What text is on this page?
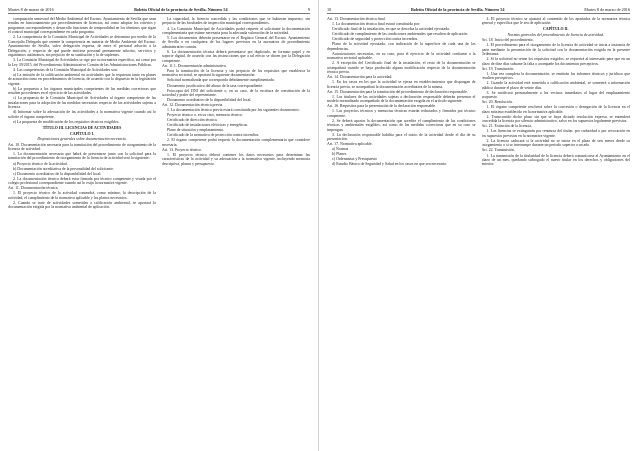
Martes 8 de marzo de 2016	Boletín Oficial de la provincia de Sevilla. Número 54	9

computación semestral del Medio Ambiental del Excmo. Ayuntamiento de Sevilla que sean tenidas en funcionamiento por procedimientos de licencias, así como adoptar los criterios y programas correspondientes y desarrollo funciones de temporalidad en los términos que sigan el control municipal correspondiente en cada programa.

2. La competencia de la Comisión Municipal de Actividades se determina por medio de la Concejalía Delegada que ostente la competencia en materia de Medio Ambiente del Excmo. Ayuntamiento de Sevilla, salvo delegación expresa, de entre el personal adscrito a la Delegación, y respecto de qué puede emitirse personal permanente adscrito, servicios y organismos autónomos, sin perjuicio de su sustitución y la de suplentes.

3. La Comisión Municipal de Actividades se rige por su normativa específica, así como por la Ley 39/2015, del Procedimiento Administrativo Común de las Administraciones Públicas.

4. Las competencias de la Comisión Municipal de Actividades son:

a) La emisión de la calificación ambiental en actividades que lo requieran tanto en planes de actuación como en procedimientos de licencia, de acuerdo con lo dispuesto en la legislación vigente.

b) La propuesta a los órganos municipales competentes de las medidas correctoras que resulten procedentes en el ejercicio de las actividades.

c) La propuesta de la Comisión Municipal de Actividades al órgano competente de las instalaciones para la adopción de las medidas necesarias respecto de las actividades sujetas a licencia.

d) Informar sobre la adecuación de las actividades a la normativa vigente cuando así lo solicite el órgano competente.

e) La propuesta de modificación de los requisitos técnicos exigibles.

TÍTULO III. LICENCIAS DE ACTIVIDADES

CAPÍTULO I.

Disposiciones generales sobre documentación necesaria.

Art. 10. Documentación necesaria para la tramitación del procedimiento de otorgamiento de la licencia de actividad.

1. La documentación necesaria que habrá de presentarse junto con la solicitud para la tramitación del procedimiento de otorgamiento de la licencia de actividad será la siguiente:

a) Proyecto técnico de la actividad.

b) Documentación acreditativa de la personalidad del solicitante.

c) Documento acreditativo de la disponibilidad del local.

2. La documentación técnica deberá estar firmada por técnico competente y visada por el colegio profesional correspondiente cuando así lo exija la normativa vigente.

Art. 11. Documentación técnica.

1. El proyecto técnico de la actividad contendrá, como mínimo, la descripción de la actividad, el cumplimiento de la normativa aplicable y los planos necesarios.

2. Cuando se trate de actividades sometidas a calificación ambiental, se aportará la documentación exigida por la normativa ambiental de aplicación.

La capacidad, la licencia concedida y las condiciones que se hubieran impuesto, sin perjuicio de las facultades de inspección municipal correspondientes.

4. La Comisión Municipal de Actividades podrá requerir al solicitante la documentación complementaria que estime necesaria para la adecuada valoración de la actividad.

5. Los documentos deberán presentarse en el Registro General del Excmo. Ayuntamiento de Sevilla o en cualquiera de los lugares previstos en la normativa de procedimiento administrativo común.

6. La documentación técnica deberá presentarse por duplicado, en formato papel y en soporte digital, de acuerdo con las instrucciones que a tal efecto se dicten por la Delegación competente.

Art. 11.1. Documentación administrativa.

Para la tramitación de la licencia y sin perjuicio de los requisitos que establezca la normativa sectorial, se aportará la siguiente documentación:

Solicitud normalizada que corresponda debidamente cumplimentada.

Documento justificativo del abono de la tasa correspondiente.

Fotocopia del DNI del solicitante o, en su caso, de la escritura de constitución de la sociedad y poder del representante.

Documento acreditativo de la disponibilidad del local.

Art. 12. Documentación técnica previa.

1. La documentación técnica previa estará constituida por los siguientes documentos:

Proyecto técnico o, en su caso, memoria técnica.

Certificado de dirección técnica.

Certificado de instalaciones eléctricas y energéticas.

Plano de situación y emplazamiento.

Certificado de la normativa de protección contra incendios.

2. El órgano competente podrá requerir la documentación complementaria que considere necesaria.

Art. 13. Proyecto técnico.

1. El proyecto técnico deberá contener los datos necesarios para determinar las características de la actividad y su adecuación a la normativa vigente, incluyendo memoria descriptiva, planos y presupuesto.

10	Boletín Oficial de la provincia de Sevilla. Número 54	Martes 8 de marzo de 2016

Art. 13. Documentación técnica final.

1. La documentación técnica final estará constituida por:

Certificado final de la instalación, en que se describa la actividad ejecutada.

Certificado de cumplimiento de las condiciones ambientales que resulten de aplicación.

Certificado de seguridad y protección contra incendios.

Plano de la actividad ejecutada, con indicación de la superficie de cada una de las dependencias.

Autorizaciones necesarias, en su caso, para el ejercicio de la actividad conforme a la normativa sectorial aplicable.

2. A excepción del Certificado final de la instalación, el resto de la documentación se acompañará cuando se haya producido alguna modificación respecto de la documentación técnica previa.

Art. 14. Documentación para la actividad.

1. En los casos en los que la actividad se ejerza en establecimientos que dispongan de licencia previa, se acompañará la documentación acreditativa de la misma.

Art. 15. Documentación para la tramitación del procedimiento de declaración responsable.

1. Los titulares de las actividades sujetas a declaración responsable deberán presentar el modelo normalizado acompañado de la documentación exigida en el artículo siguiente.

Art. 16. Requisitos para la presentación de la declaración responsable.

1. Los proyectos técnicos y memorias técnicas estarán redactados y firmados por técnico competente.

2. Se deberá aportar la documentación que acredite el cumplimiento de las condiciones técnicas y ambientales exigibles, así como de las medidas correctoras que en su caso se impongan.

3. La declaración responsable habilita para el inicio de la actividad desde el día de su presentación.

Art. 17. Normativa aplicable.

a) Normas

b) Planes

c) Ordenanzas y Presupuesto

d) Estudio Básico de Seguridad y Salud en los casos en que sea necesario.

4. El proyecto técnico se ajustará al contenido de los apartados de la normativa técnica general y específica que le sea de aplicación.

CAPÍTULO II.

Normas generales del procedimiento de licencia de actividad.

Art. 18. Inicio del procedimiento.

1. El procedimiento para el otorgamiento de la licencia de actividad se inicia a instancia de parte mediante la presentación de la solicitud con la documentación exigida en la presente Ordenanza.

2. Si la solicitud no reúne los requisitos exigidos, se requerirá al interesado para que en un plazo de diez días subsane la falta o acompañe los documentos preceptivos.

Art. 19. Tramitación.

1. Una vez completa la documentación, se emitirán los informes técnicos y jurídicos que resulten preceptivos.

2. Cuando la actividad esté sometida a calificación ambiental, se someterá a información pública durante el plazo de veinte días.

3. Se notificará personalmente a los vecinos inmediatos al lugar del emplazamiento propuesto.

Art. 20. Resolución.

1. El órgano competente resolverá sobre la concesión o denegación de la licencia en el plazo máximo establecido en la normativa aplicable.

2. Transcurrido dicho plazo sin que se haya dictado resolución expresa, se entenderá concedida la licencia por silencio administrativo, salvo en los supuestos legalmente previstos.

Art. 21. Extinción de la licencia.

1. Las licencias se extinguirán por renuncia del titular, por caducidad o por revocación en los supuestos previstos en la normativa vigente.

2. La licencia caducará si la actividad no se inicia en el plazo de seis meses desde su otorgamiento o si se interrumpe durante un periodo superior a un año.

Art. 22. Transmisión.

1. La transmisión de la titularidad de la licencia deberá comunicarse al Ayuntamiento en el plazo de un mes, quedando subrogado el nuevo titular en los derechos y obligaciones del anterior.
